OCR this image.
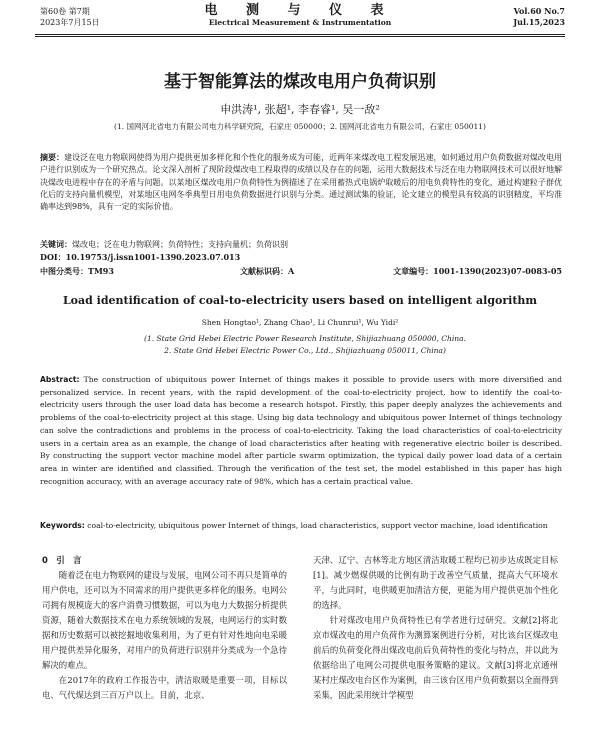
第60卷 第7期
2023年7月15日
电 测 与 仪 表
Electrical Measurement & Instrumentation
Vol.60 No.7
Jul.15,2023
基于智能算法的煤改电用户负荷识别
申洪涛¹, 张超¹, 李春睿¹, 吴一敌²
(1. 国网河北省电力有限公司电力科学研究院，石家庄 050000；2. 国网河北省电力有限公司，石家庄 050011)
摘要：建设泛在电力物联网使得为用户提供更加多样化和个性化的服务成为可能，近两年来煤改电工程发展迅速，如何通过用户负荷数据对煤改电用户进行识别成为一个研究热点。论文深入剖析了现阶段煤改电工程取得的成绩以及存在的问题，运用大数据技术与泛在电力物联网技术可以很好地解决煤改电进程中存在的矛盾与问题。以某地区煤改电用户负荷特性为例描述了在采用蓄热式电锅炉取暖后的用电负荷特性的变化，通过构建粒子群优化后的支持向量机模型，对某地区电网冬季典型日用电负荷数据进行识别与分类。通过测试集的验证，论文建立的模型具有较高的识别精度，平均准确率达到98%，具有一定的实际价值。
关键词：煤改电；泛在电力物联网；负荷特性；支持向量机；负荷识别
DOI：10.19753/j.issn1001-1390.2023.07.013
中图分类号：TM93	文献标识码：A	文章编号：1001-1390(2023)07-0083-05
Load identification of coal-to-electricity users based on intelligent algorithm
Shen Hongtao¹, Zhang Chao¹, Li Chunrui¹, Wu Yidi²
(1. State Grid Hebei Electric Power Research Institute, Shijiazhuang 050000, China.
2. State Grid Hebei Electric Power Co., Ltd., Shijiazhuang 050011, China)
Abstract: The construction of ubiquitous power Internet of things makes it possible to provide users with more diversified and personalized service. In recent years, with the rapid development of the coal-to-electricity project, how to identify the coal-to-electricity users through the user load data has become a research hotspot. Firstly, this paper deeply analyzes the achievements and problems of the coal-to-electricity project at this stage. Using big data technology and ubiquitous power Internet of things technology can solve the contradictions and problems in the process of coal-to-electricity. Taking the load characteristics of coal-to-electricity users in a certain area as an example, the change of load characteristics after heating with regenerative electric boiler is described. By constructing the support vector machine model after particle swarm optimization, the typical daily power load data of a certain area in winter are identified and classified. Through the verification of the test set, the model established in this paper has high recognition accuracy, with an average accuracy rate of 98%, which has a certain practical value.
Keywords: coal-to-electricity, ubiquitous power Internet of things, load characteristics, support vector machine, load identification
0　引　言

随着泛在电力物联网的建设与发展，电网公司不再只是简单的用户供电，还可以为不同需求的用户提供更多样化的服务。电网公司拥有规模庞大的客户消费习惯数据，可以为电力大数据分析提供资源，随着大数据技术在电力系统领域的发展，电网运行的实时数据和历史数据可以被挖掘地收集利用，为了更有针对性地向电采暖用户提供差异化服务，对用户的负荷进行识别并分类成为一个急待解决的难点。

在2017年的政府工作报告中，清洁取暖是重要一项，目标以电、气代煤达到三百万户以上。目前，北京、

天津、辽宁、吉林等北方地区清洁取暖工程均已初步达成既定目标[1]。减少燃煤供暖的比例有助于改善空气质量，提高大气环境水平，与此同时，电供暖更加清洁方便，更能为用户提供更加个性化的选择。

针对煤改电用户负荷特性已有学者进行过研究。文献[2]将北京市煤改电的用户负荷作为测算案例进行分析，对比该台区煤改电前后的负荷变化得出煤改电前后负荷特性的变化与特点，并以此为依据给出了电网公司提供电服务策略的建议。文献[3]将北京通州某村庄煤改电台区作为案例，由三该台区用户负荷数据以全面得到采集，因此采用统计学模型
